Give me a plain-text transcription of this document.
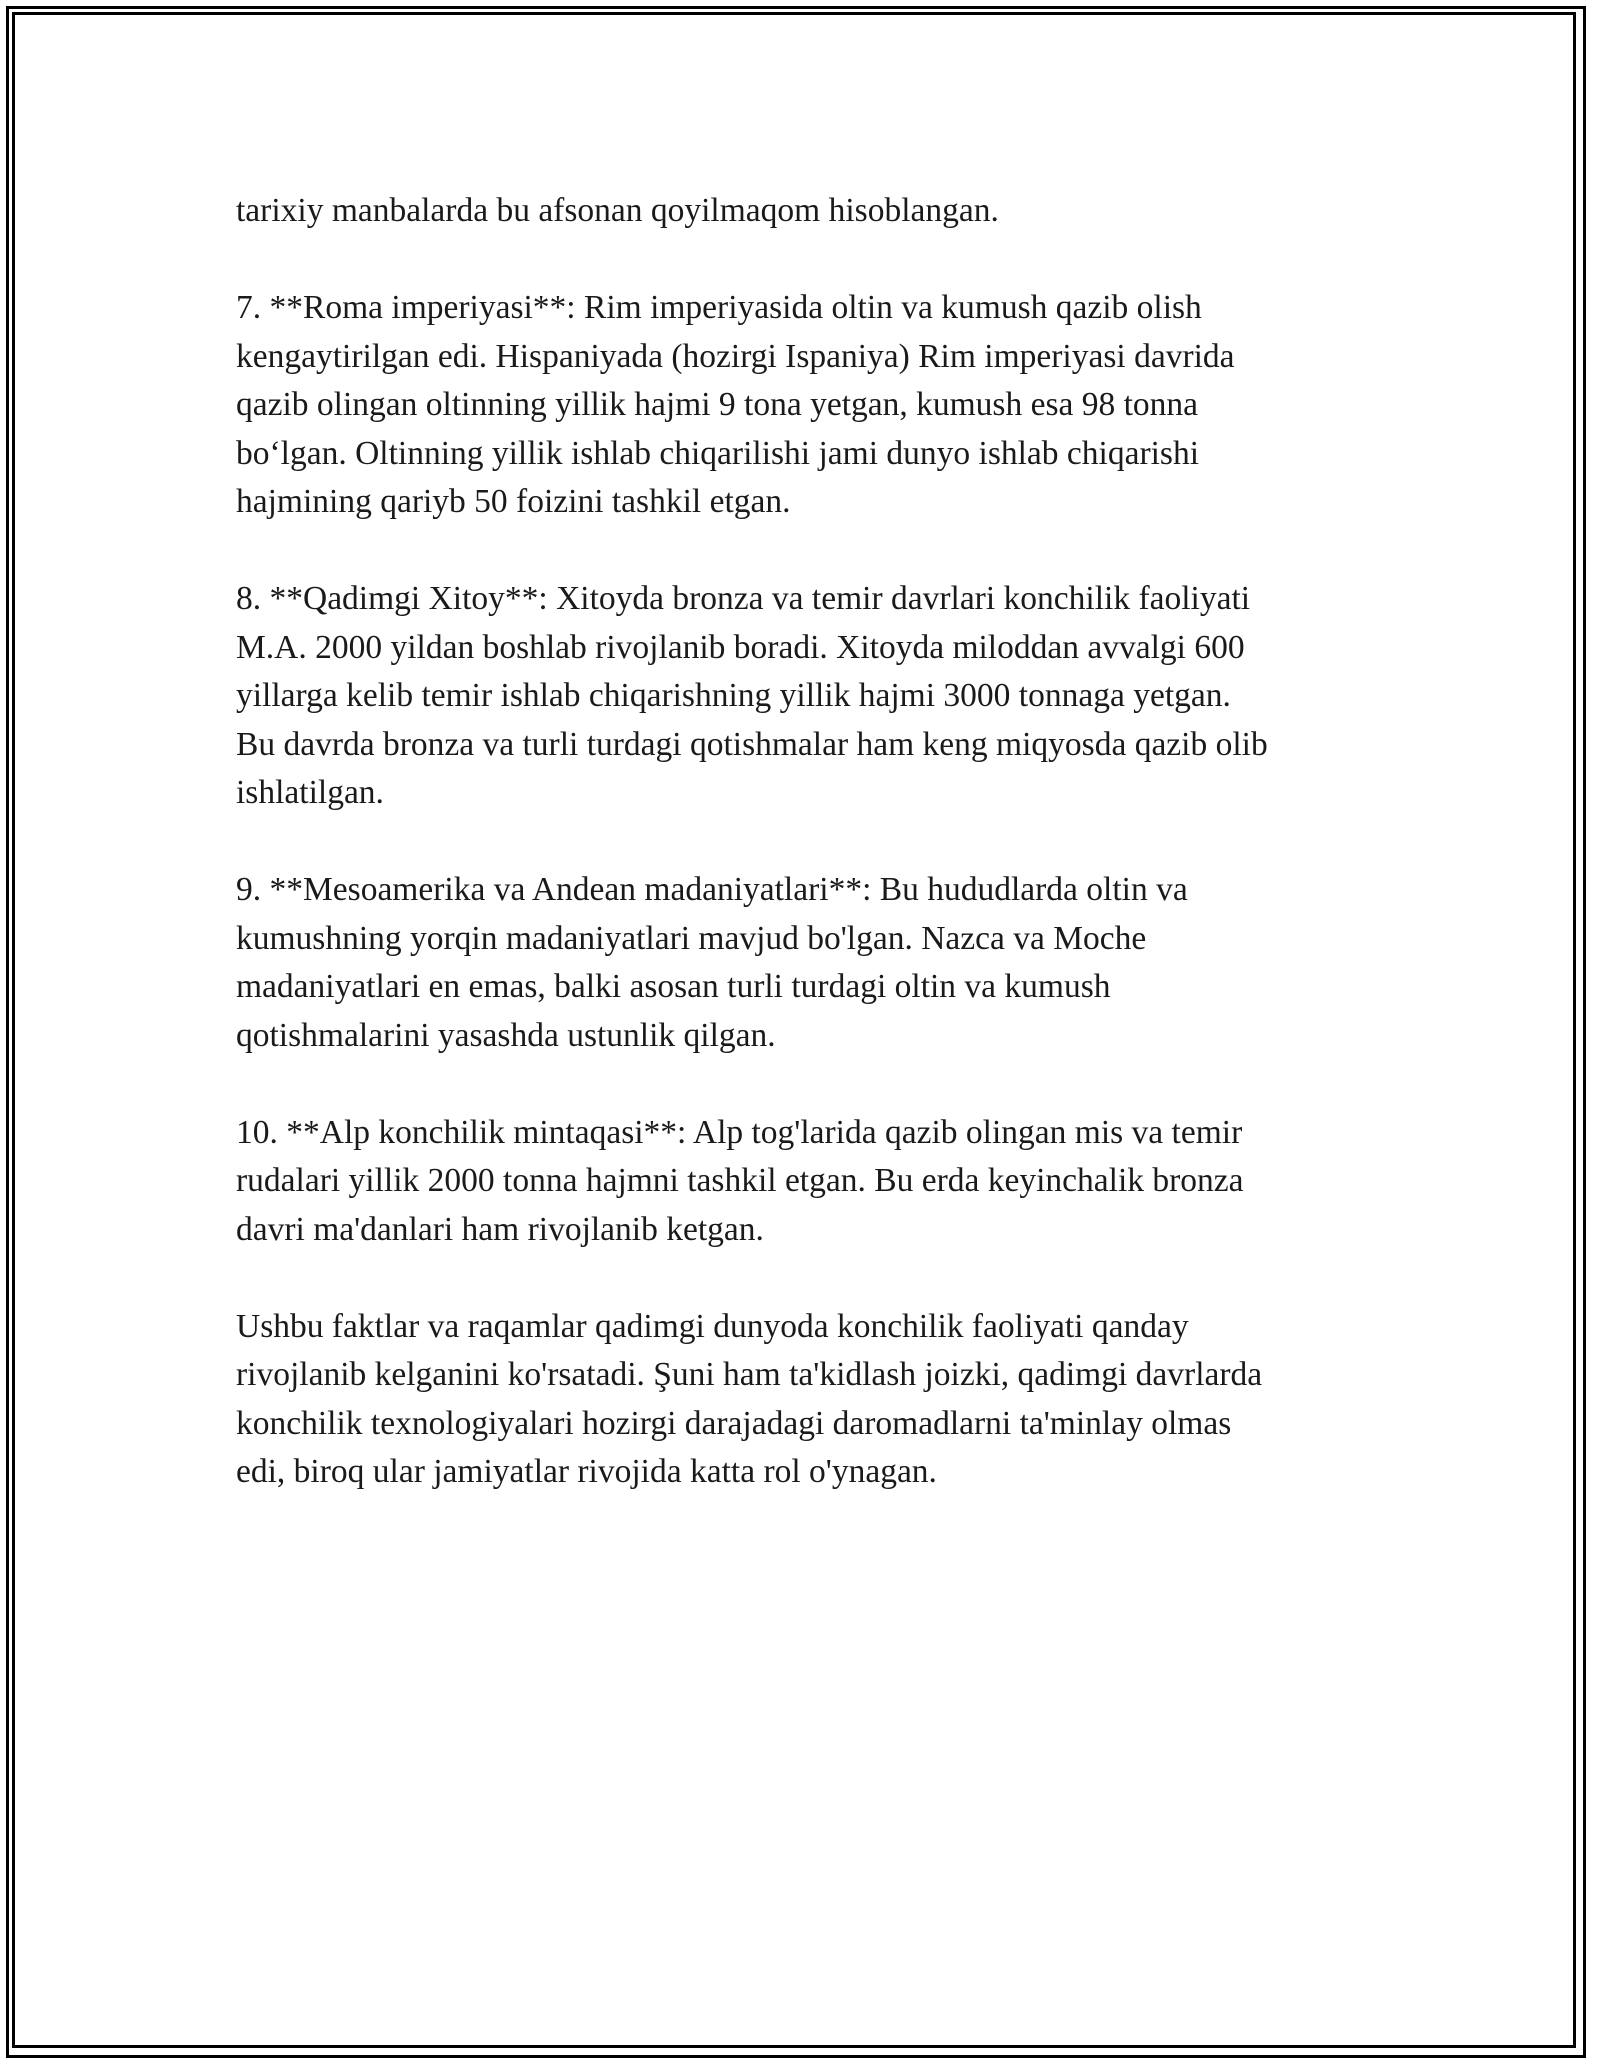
tarixiy manbalarda bu afsonan qoyilmaqom hisoblangan.

7. **Roma imperiyasi**: Rim imperiyasida oltin va kumush qazib olish
kengaytirilgan edi. Hispaniyada (hozirgi Ispaniya) Rim imperiyasi davrida
qazib olingan oltinning yillik hajmi 9 tona yetgan, kumush esa 98 tonna
bo‘lgan. Oltinning yillik ishlab chiqarilishi jami dunyo ishlab chiqarishi
hajmining qariyb 50 foizini tashkil etgan.

8. **Qadimgi Xitoy**: Xitoyda bronza va temir davrlari konchilik faoliyati
M.A. 2000 yildan boshlab rivojlanib boradi. Xitoyda miloddan avvalgi 600
yillarga kelib temir ishlab chiqarishning yillik hajmi 3000 tonnaga yetgan.
Bu davrda bronza va turli turdagi qotishmalar ham keng miqyosda qazib olib
ishlatilgan.

9. **Mesoamerika va Andean madaniyatlari**: Bu hududlarda oltin va
kumushning yorqin madaniyatlari mavjud bo'lgan. Nazca va Moche
madaniyatlari en emas, balki asosan turli turdagi oltin va kumush
qotishmalarini yasashda ustunlik qilgan.

10. **Alp konchilik mintaqasi**: Alp tog'larida qazib olingan mis va temir
rudalari yillik 2000 tonna hajmni tashkil etgan. Bu erda keyinchalik bronza
davri ma'danlari ham rivojlanib ketgan.

Ushbu faktlar va raqamlar qadimgi dunyoda konchilik faoliyati qanday
rivojlanib kelganini ko'rsatadi. Şuni ham ta'kidlash joizki, qadimgi davrlarda
konchilik texnologiyalari hozirgi darajadagi daromadlarni ta'minlay olmas
edi, biroq ular jamiyatlar rivojida katta rol o'ynagan.
